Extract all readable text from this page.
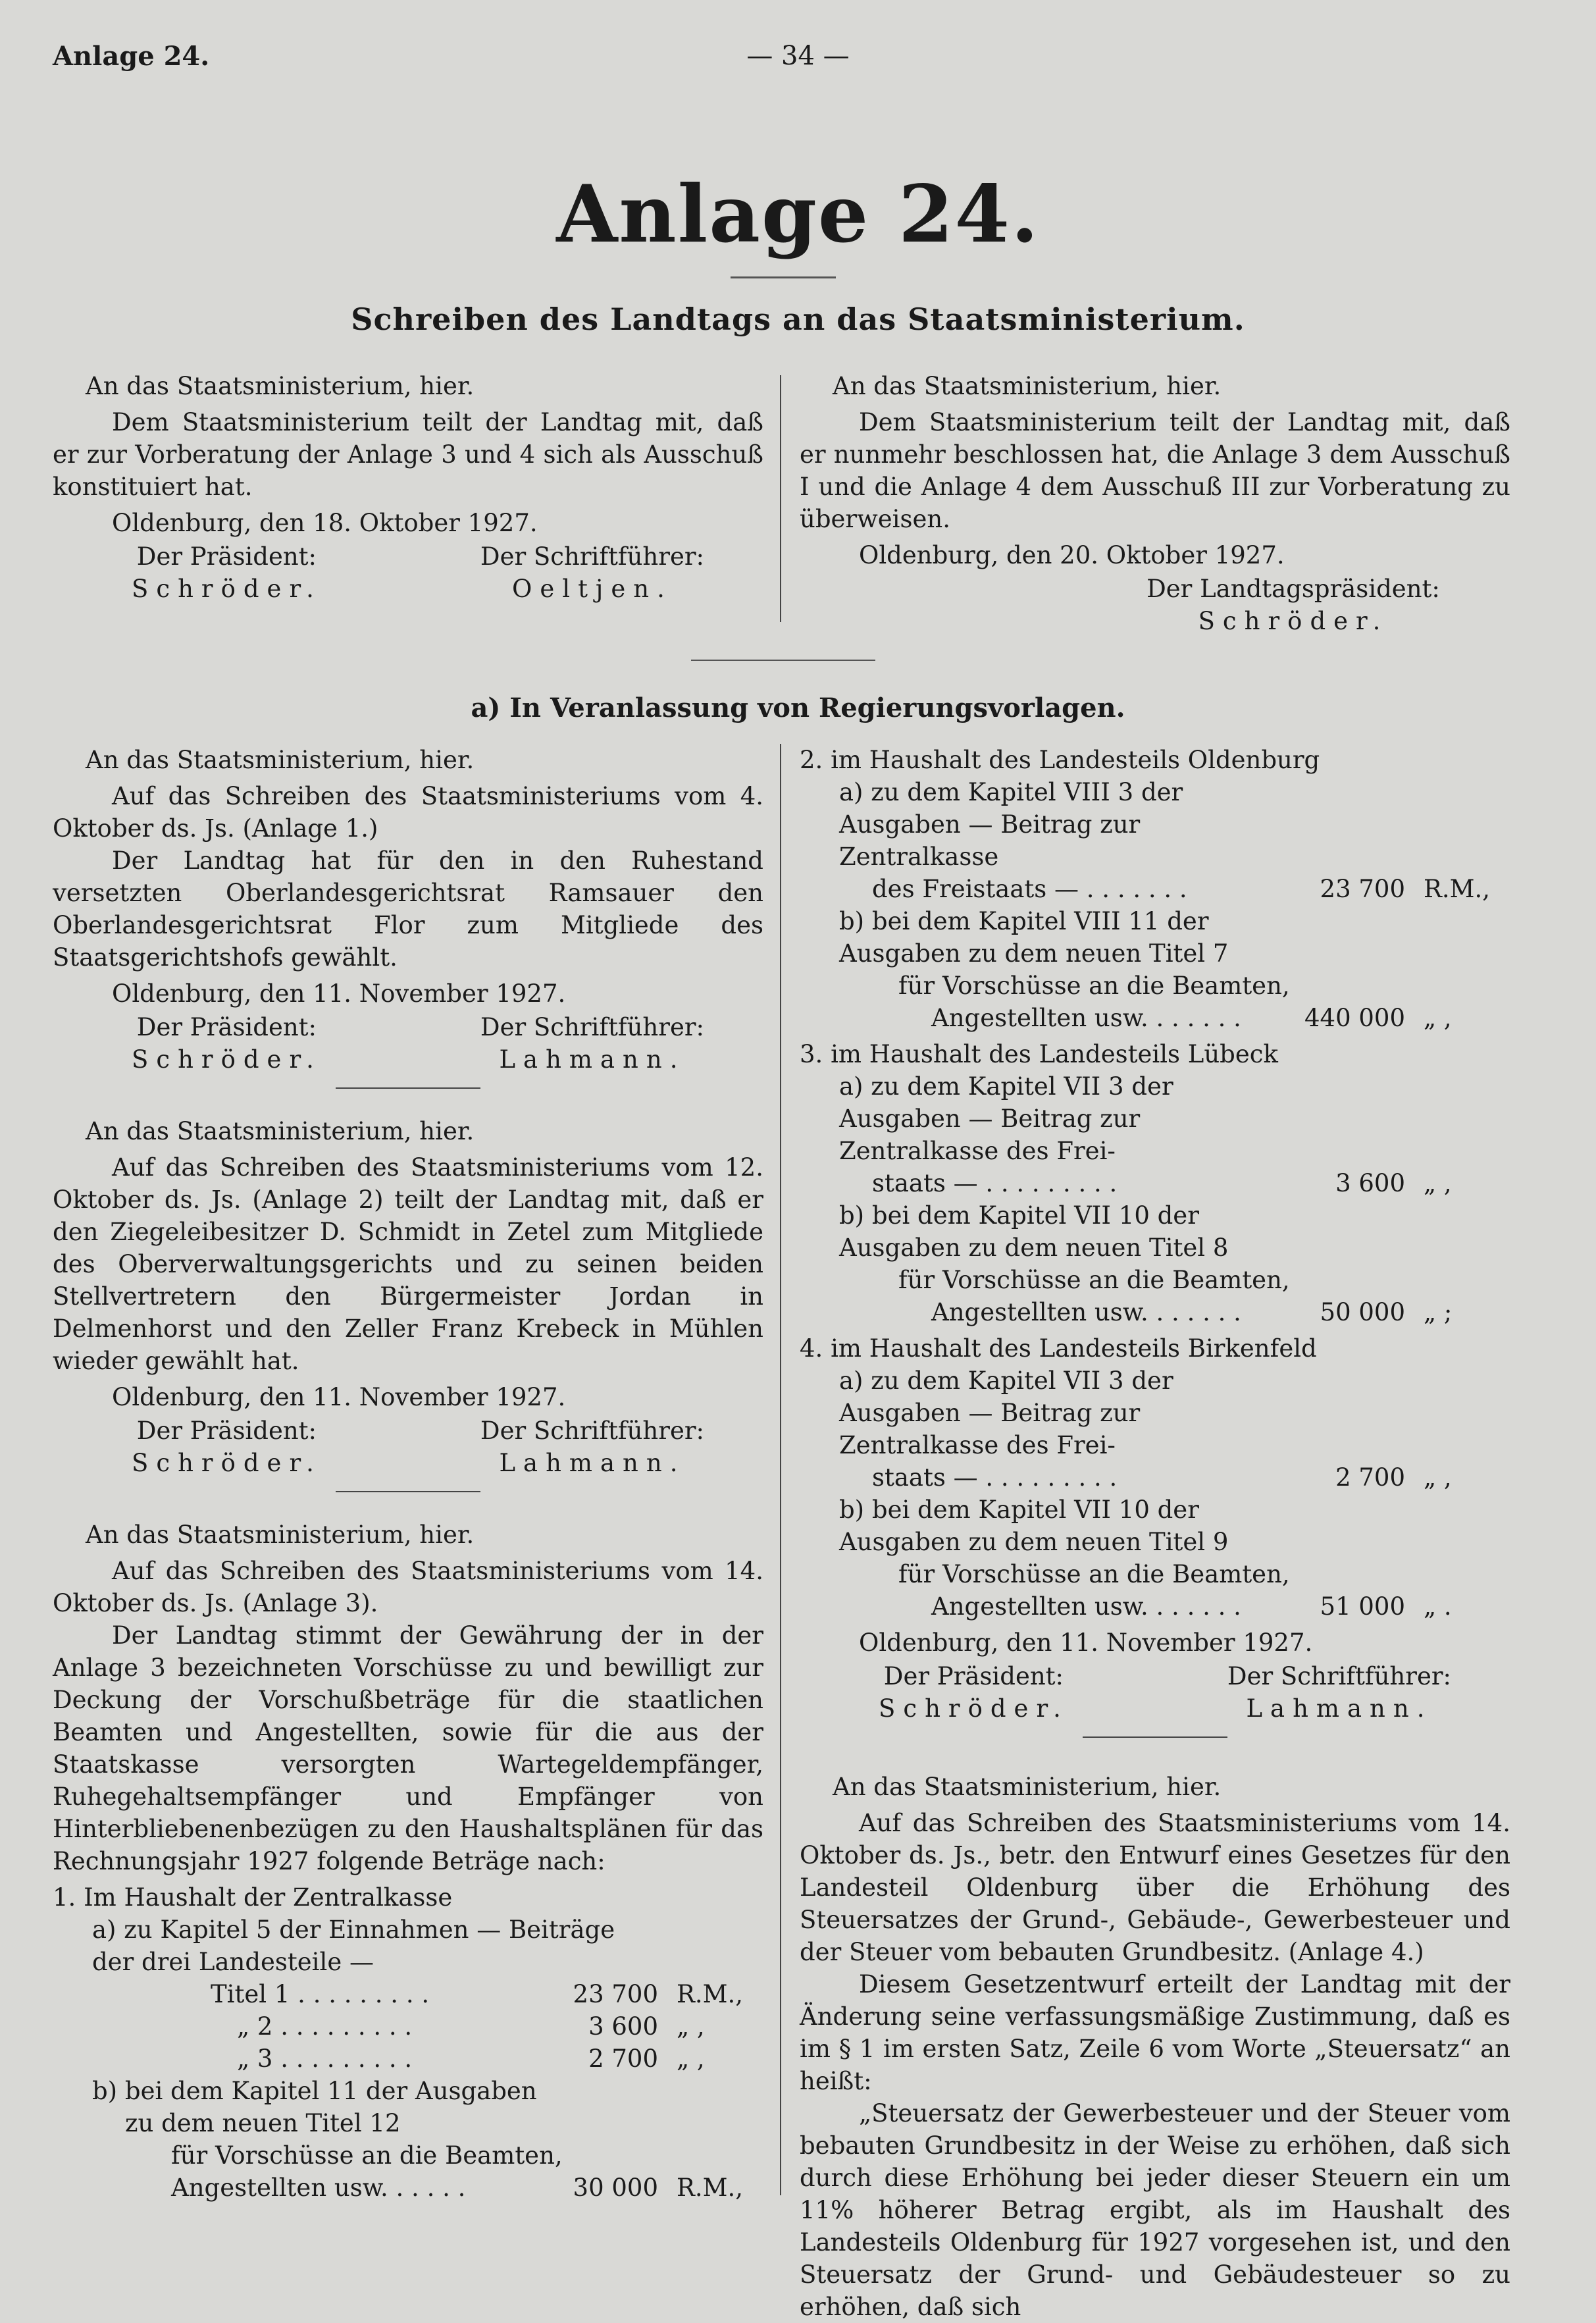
Anlage 24.	— 34 —
Anlage 24.
Schreiben des Landtags an das Staatsministerium.

An das Staatsministerium, hier.

Dem Staatsministerium teilt der Landtag mit, daß er zur Vorberatung der Anlage 3 und 4 sich als Ausschuß konstituiert hat.

Oldenburg, den 18. Oktober 1927.

Der Präsident:
Schröder.
Der Schriftführer:
Oeltjen.

An das Staatsministerium, hier.

Dem Staatsministerium teilt der Landtag mit, daß er nunmehr beschlossen hat, die Anlage 3 dem Ausschuß I und die Anlage 4 dem Ausschuß III zur Vorberatung zu überweisen.

Oldenburg, den 20. Oktober 1927.

Der Landtagspräsident:
Schröder.
a) In Veranlassung von Regierungsvorlagen.

An das Staatsministerium, hier.

Auf das Schreiben des Staatsministeriums vom 4. Oktober ds. Js. (Anlage 1.)

Der Landtag hat für den in den Ruhestand versetzten Oberlandesgerichtsrat Ramsauer den Oberlandesgerichtsrat Flor zum Mitgliede des Staatsgerichtshofs gewählt.

Oldenburg, den 11. November 1927.

Der Präsident:
Schröder.
Der Schriftführer:
Lahmann.

An das Staatsministerium, hier.

Auf das Schreiben des Staatsministeriums vom 12. Oktober ds. Js. (Anlage 2) teilt der Landtag mit, daß er den Ziegeleibesitzer D. Schmidt in Zetel zum Mitgliede des Oberverwaltungsgerichts und zu seinen beiden Stellvertretern den Bürgermeister Jordan in Delmenhorst und den Zeller Franz Krebeck in Mühlen wieder gewählt hat.

Oldenburg, den 11. November 1927.

Der Präsident:
Schröder.
Der Schriftführer:
Lahmann.

An das Staatsministerium, hier.

Auf das Schreiben des Staatsministeriums vom 14. Oktober ds. Js. (Anlage 3).

Der Landtag stimmt der Gewährung der in der Anlage 3 bezeichneten Vorschüsse zu und bewilligt zur Deckung der Vorschußbeträge für die staatlichen Beamten und Angestellten, sowie für die aus der Staatskasse versorgten Wartegeldempfänger, Ruhegehaltsempfänger und Empfänger von Hinterbliebenenbezügen zu den Haushaltsplänen für das Rechnungsjahr 1927 folgende Beträge nach:

1. Im Haushalt der Zentralkasse
a) zu Kapitel 5 der Einnahmen — Beiträge der drei Landesteile —
Titel 1 . . . . . . . . .	23 700 R.M.,
„ 2 . . . . . . . . .	3 600 „ ,
„ 3 . . . . . . . . .	2 700 „ ,
b) bei dem Kapitel 11 der Ausgaben
zu dem neuen Titel 12
für Vorschüsse an die Beamten,
Angestellten usw. . . . . .	30 000 R.M.,
2. im Haushalt des Landesteils Oldenburg
a) zu dem Kapitel VIII 3 der Ausgaben — Beitrag zur Zentralkasse
des Freistaats — . . . . . . .	23 700 R.M.,
b) bei dem Kapitel VIII 11 der Ausgaben zu dem neuen Titel 7
für Vorschüsse an die Beamten,
Angestellten usw. . . . . . .	440 000 „ ,
3. im Haushalt des Landesteils Lübeck
a) zu dem Kapitel VII 3 der Ausgaben — Beitrag zur Zentralkasse des Frei-
staats — . . . . . . . . .	3 600 „ ,
b) bei dem Kapitel VII 10 der Ausgaben zu dem neuen Titel 8
für Vorschüsse an die Beamten,
Angestellten usw. . . . . . .	50 000 „ ;
4. im Haushalt des Landesteils Birkenfeld
a) zu dem Kapitel VII 3 der Ausgaben — Beitrag zur Zentralkasse des Frei-
staats — . . . . . . . . .	2 700 „ ,
b) bei dem Kapitel VII 10 der Ausgaben zu dem neuen Titel 9
für Vorschüsse an die Beamten,
Angestellten usw. . . . . . .	51 000 „ .

Oldenburg, den 11. November 1927.

Der Präsident:
Schröder.
Der Schriftführer:
Lahmann.

An das Staatsministerium, hier.

Auf das Schreiben des Staatsministeriums vom 14. Oktober ds. Js., betr. den Entwurf eines Gesetzes für den Landesteil Oldenburg über die Erhöhung des Steuersatzes der Grund-, Gebäude-, Gewerbesteuer und der Steuer vom bebauten Grundbesitz. (Anlage 4.)

Diesem Gesetzentwurf erteilt der Landtag mit der Änderung seine verfassungsmäßige Zustimmung, daß es im § 1 im ersten Satz, Zeile 6 vom Worte „Steuersatz“ an heißt:

„Steuersatz der Gewerbesteuer und der Steuer vom bebauten Grundbesitz in der Weise zu erhöhen, daß sich durch diese Erhöhung bei jeder dieser Steuern ein um 11% höherer Betrag ergibt, als im Haushalt des Landesteils Oldenburg für 1927 vorgesehen ist, und den Steuersatz der Grund- und Gebäudesteuer so zu erhöhen, daß sich
